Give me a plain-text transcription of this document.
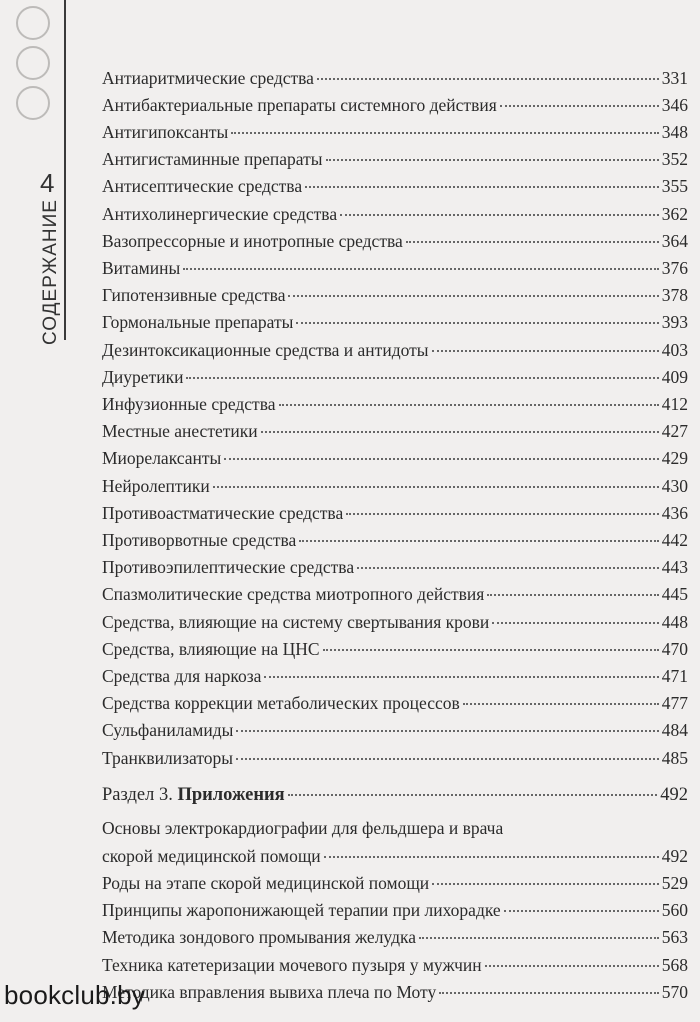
4
СОДЕРЖАНИЕ
Антиаритмические средства	331
Антибактериальные препараты системного действия	346
Антигипоксанты	348
Антигистаминные препараты	352
Антисептические средства	355
Антихолинергические средства	362
Вазопрессорные и инотропные средства	364
Витамины	376
Гипотензивные средства	378
Гормональные препараты	393
Дезинтоксикационные средства и антидоты	403
Диуретики	409
Инфузионные средства	412
Местные анестетики	427
Миорелаксанты	429
Нейролептики	430
Противоастматические средства	436
Противорвотные средства	442
Противоэпилептические средства	443
Спазмолитические средства миотропного действия	445
Средства, влияющие на систему свертывания крови	448
Средства, влияющие на ЦНС	470
Средства для наркоза	471
Средства коррекции метаболических процессов	477
Сульфаниламиды	484
Транквилизаторы	485
Раздел 3. Приложения	492
Основы электрокардиографии для фельдшера и врача
скорой медицинской помощи	492
Роды на этапе скорой медицинской помощи	529
Принципы жаропонижающей терапии при лихорадке	560
Методика зондового промывания желудка	563
Техника катетеризации мочевого пузыря у мужчин	568
Методика вправления вывиха плеча по Моту	570
bookclub.by
